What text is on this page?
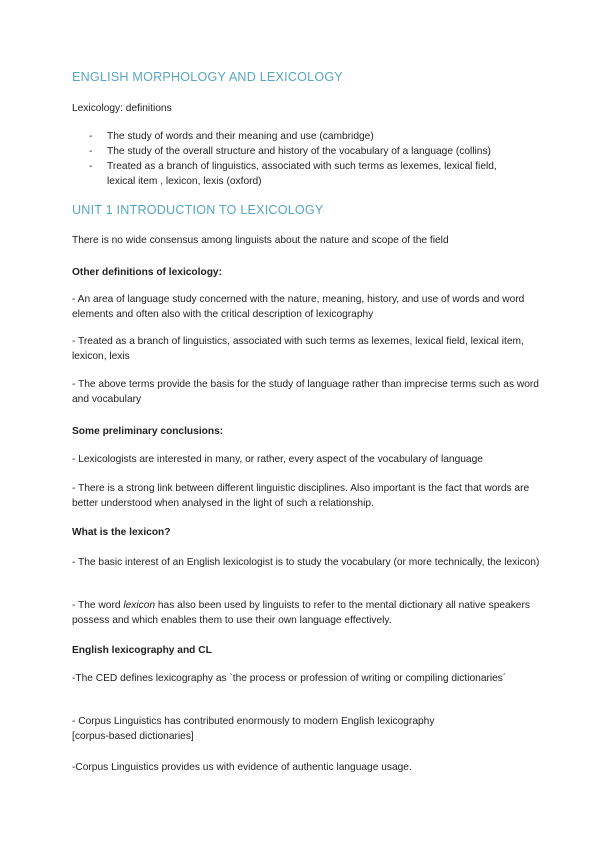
ENGLISH MORPHOLOGY AND LEXICOLOGY

Lexicology: definitions

- The study of words and their meaning and use (cambridge)

- The study of the overall structure and history of the vocabulary of a language (collins)

- Treated as a branch of linguistics, associated with such terms as lexemes, lexical field, lexical item , lexicon, lexis (oxford)

UNIT 1 INTRODUCTION TO LEXICOLOGY

There is no wide consensus among linguists about the nature and scope of the field

Other definitions of lexicology:

- An area of language study concerned with the nature, meaning, history, and use of words and word elements and often also with the critical description of lexicography

- Treated as a branch of linguistics, associated with such terms as lexemes, lexical field, lexical item, lexicon, lexis

- The above terms provide the basis for the study of language rather than imprecise terms such as word and vocabulary

Some preliminary conclusions:

- Lexicologists are interested in many, or rather, every aspect of the vocabulary of language

- There is a strong link between different linguistic disciplines. Also important is the fact that words are better understood when analysed in the light of such a relationship.

What is the lexicon?

- The basic interest of an English lexicologist is to study the vocabulary (or more technically, the lexicon)

- The word lexicon has also been used by linguists to refer to the mental dictionary all native speakers possess and which enables them to use their own language effectively.

English lexicography and CL

-The CED defines lexicography as `the process or profession of writing or compiling dictionaries´

- Corpus Linguistics has contributed enormously to modern English lexicography

[corpus-based dictionaries]

-Corpus Linguistics provides us with evidence of authentic language usage.
